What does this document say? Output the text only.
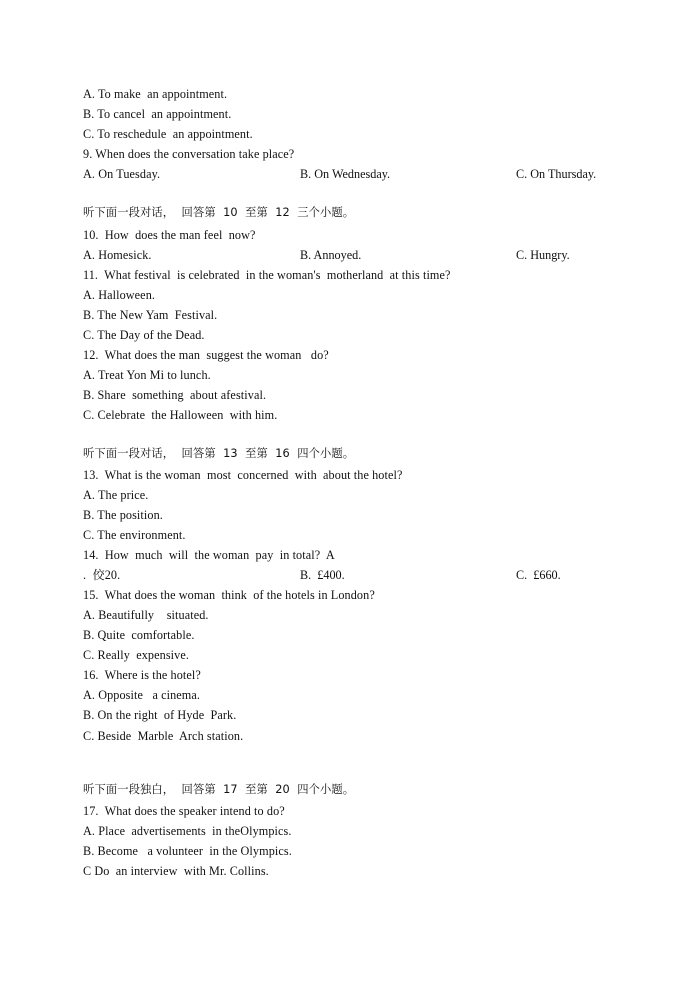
A. To make  an appointment.
B. To cancel  an appointment.
C. To reschedule  an appointment.
9. When does the conversation take place?
A. On Tuesday.	B. On Wednesday.	C. On Thursday.
听下面一段对话，  回答第  10  至第  12  三个小题。
10.  How  does the man feel  now?
A. Homesick.	B. Annoyed.	C. Hungry.
11.  What festival  is celebrated  in the woman's  motherland  at this time?
A. Halloween.
B. The New Yam  Festival.
C. The Day of the Dead.
12.  What does the man  suggest the woman   do?
A. Treat Yon Mi to lunch.
B. Share  something  about afestival.
C. Celebrate  the Halloween  with him.
听下面一段对话，  回答第  13  至第  16  四个小题。
13.  What is the woman  most  concerned  with  about the hotel?
A. The price.
B. The position.
C. The environment.
14.  How  much  will  the woman  pay  in total?  A
.  佼20.	B.  £400.	C.  £660.
15.  What does the woman  think  of the hotels in London?
A. Beautifully    situated.
B. Quite  comfortable.
C. Really  expensive.
16.  Where is the hotel?
A. Opposite   a cinema.
B. On the right  of Hyde  Park.
C. Beside  Marble  Arch station.
听下面一段独白，  回答第  17  至第  20  四个小题。
17.  What does the speaker intend to do?
A. Place  advertisements  in theOlympics.
B. Become   a volunteer  in the Olympics.
C Do  an interview  with Mr. Collins.
